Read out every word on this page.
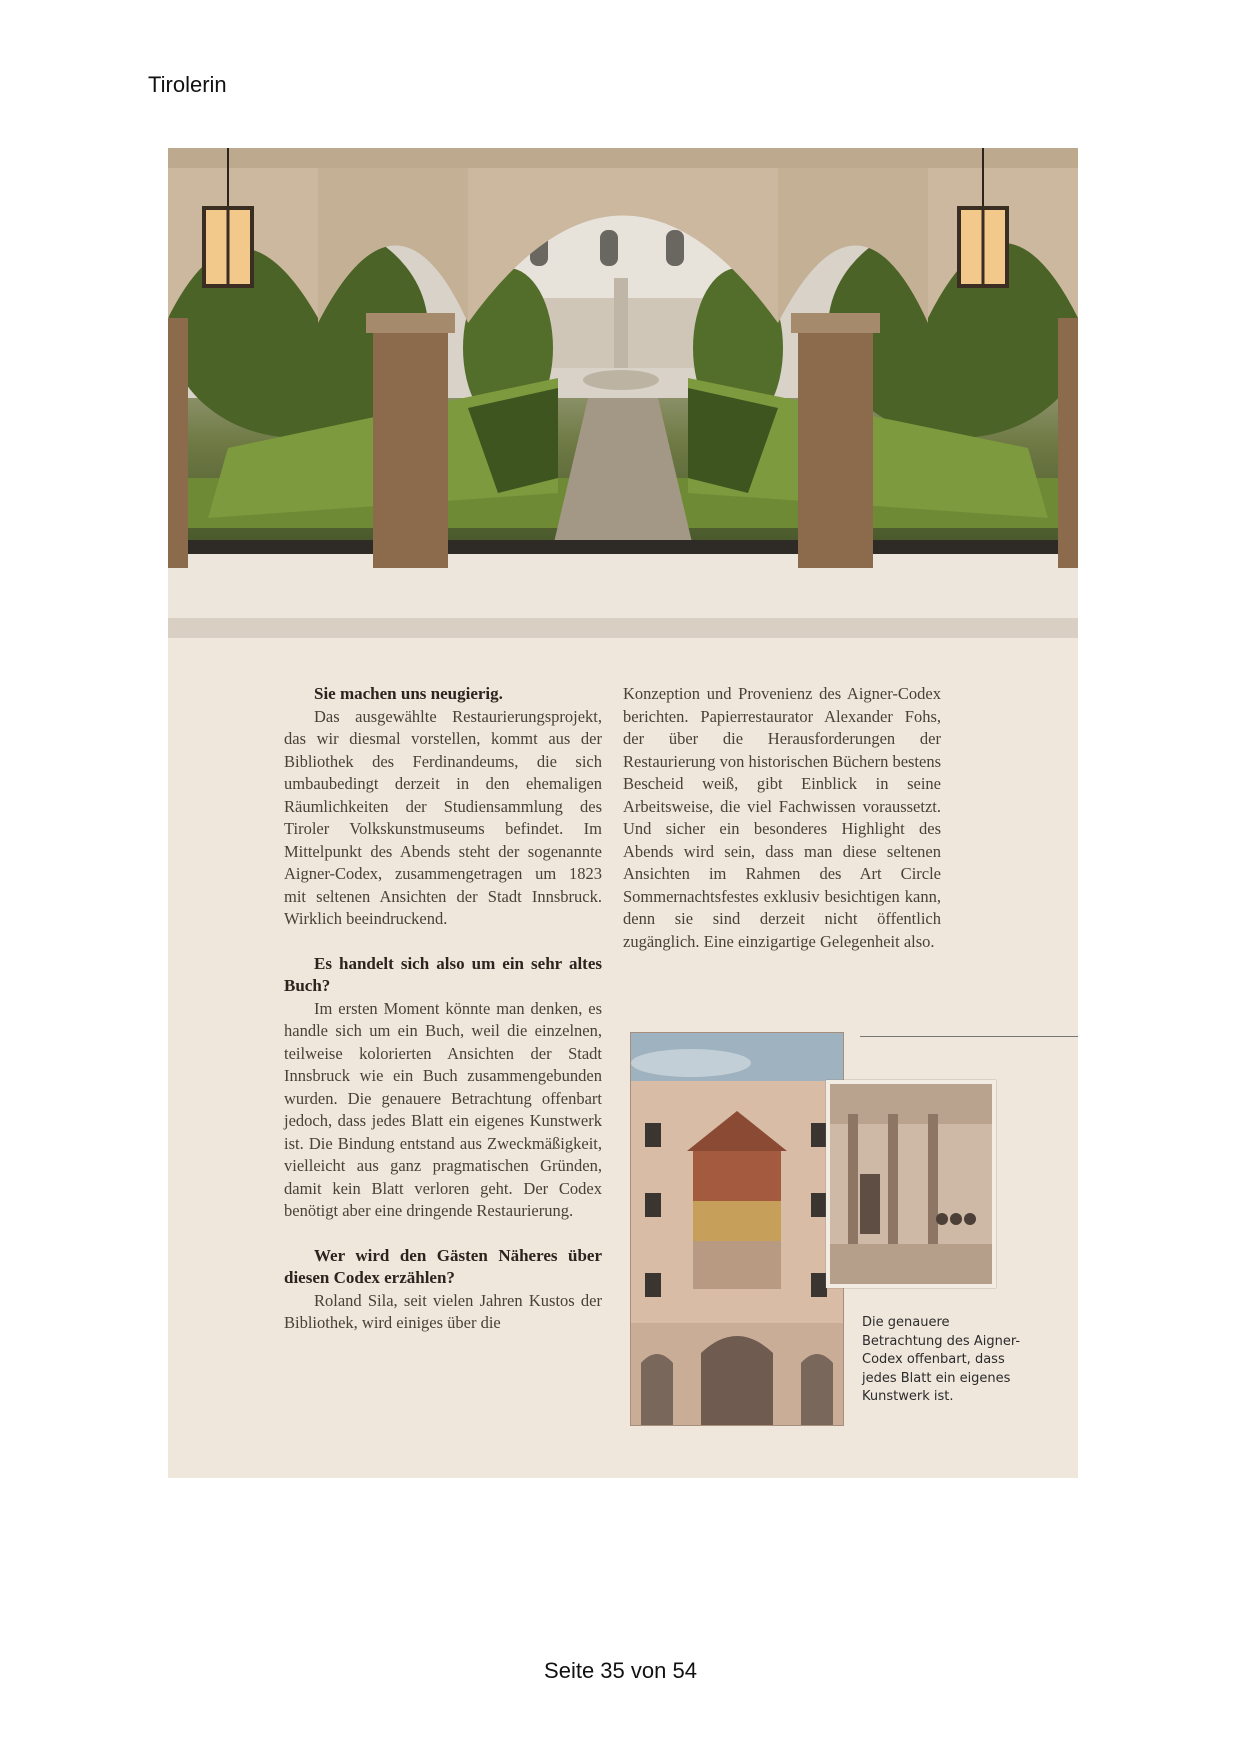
Tirolerin
Sie machen uns neugierig.

Das ausgewählte Restaurierungsprojekt, das wir diesmal vorstellen, kommt aus der Bibliothek des Ferdinandeums, die sich umbaubedingt derzeit in den ehemaligen Räumlichkeiten der Studiensammlung des Tiroler Volkskunstmuseums befindet. Im Mittelpunkt des Abends steht der sogenannte Aigner-Codex, zusammengetragen um 1823 mit seltenen Ansichten der Stadt Innsbruck. Wirklich beeindruckend.

Es handelt sich also um ein sehr altes Buch?

Im ersten Moment könnte man denken, es handle sich um ein Buch, weil die einzelnen, teilweise kolorierten Ansichten der Stadt Innsbruck wie ein Buch zusammengebunden wurden. Die genauere Betrachtung offenbart jedoch, dass jedes Blatt ein eigenes Kunstwerk ist. Die Bindung entstand aus Zweckmäßigkeit, vielleicht aus ganz pragmatischen Gründen, damit kein Blatt verloren geht. Der Codex benötigt aber eine dringende Restaurierung.

Wer wird den Gästen Näheres über diesen Codex erzählen?

Roland Sila, seit vielen Jahren Kustos der Bibliothek, wird einiges über die

Konzeption und Provenienz des Aigner-Codex berichten. Papierrestaurator Alexander Fohs, der über die Herausforderungen der Restaurierung von historischen Büchern bestens Bescheid weiß, gibt Einblick in seine Arbeitsweise, die viel Fachwissen voraussetzt. Und sicher ein besonderes Highlight des Abends wird sein, dass man diese seltenen Ansichten im Rahmen des Art Circle Sommernachtsfestes exklusiv besichtigen kann, denn sie sind derzeit nicht öffentlich zugänglich. Eine einzigartige Gelegenheit also.

Die genauere Betrachtung des Aigner-Codex offenbart, dass jedes Blatt ein eigenes Kunstwerk ist.
Seite 35 von 54
